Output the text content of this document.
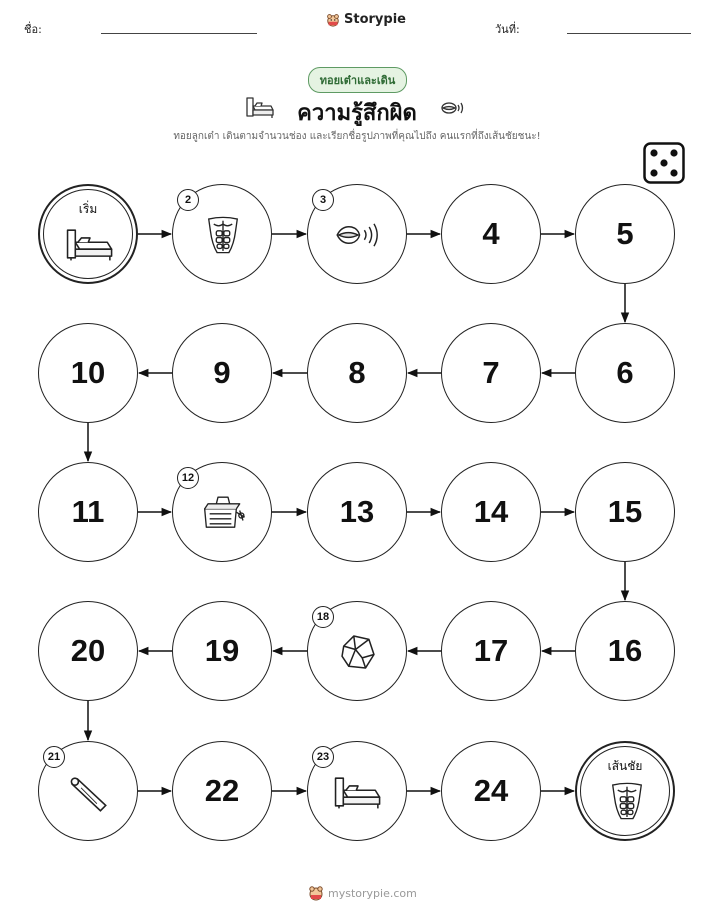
ชื่อ:
Storypie
วันที่:
ทอยเต๋าและเดิน
ความรู้สึกผิด
ทอยลูกเต๋า เดินตามจำนวนช่อง และเรียกชื่อรูปภาพที่คุณไปถึง คนแรกที่ถึงเส้นชัยชนะ!
เริ่ม
2	3
4	5
6
7
8
9
10
11
12
13	14	15
16
17
18
19
20
21
22
23
24
เส้นชัย
mystorypie.com
